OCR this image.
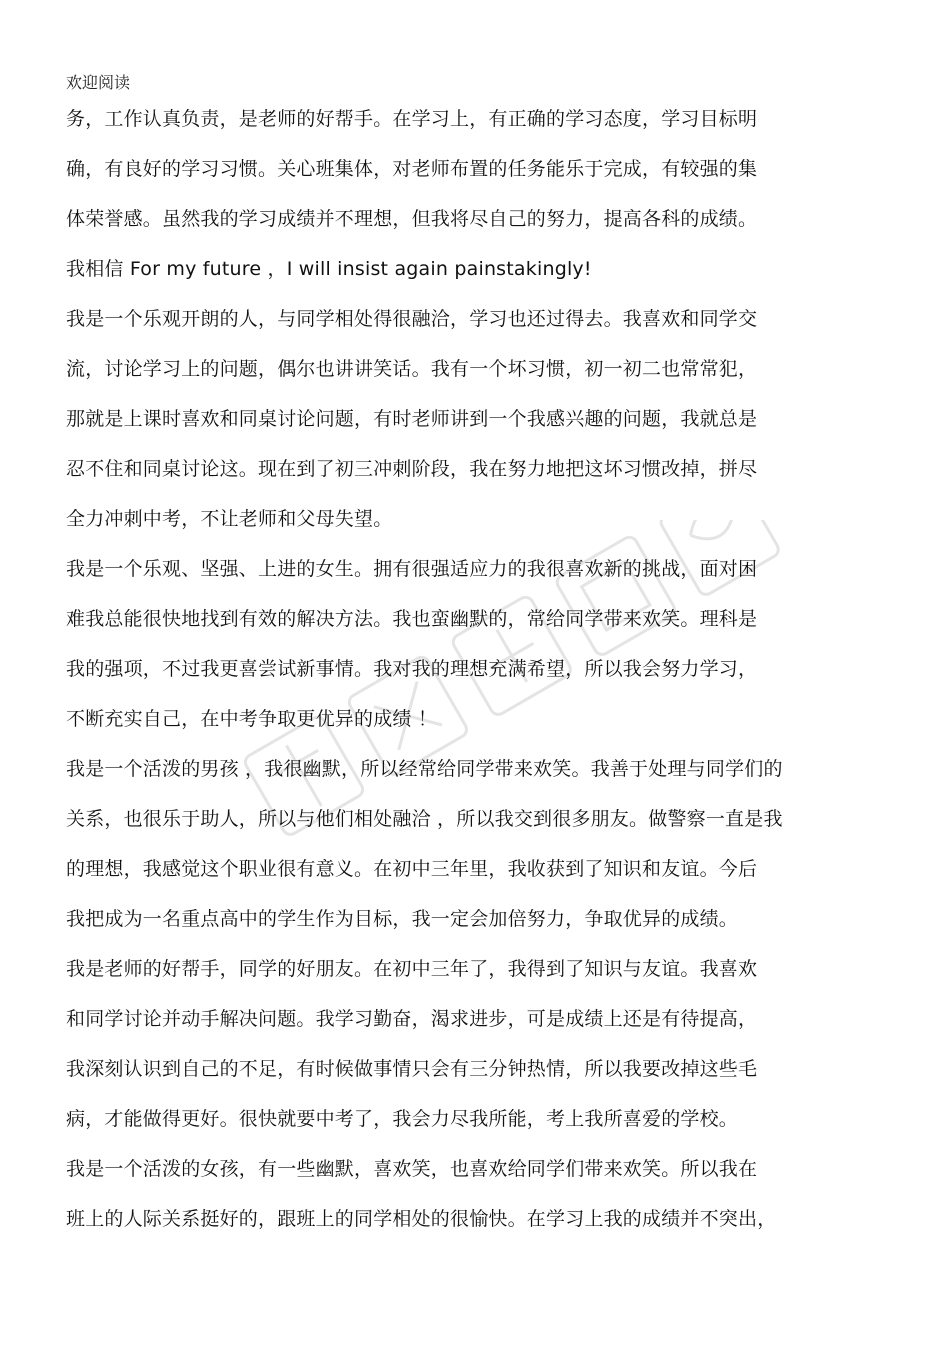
欢迎阅读
务，工作认真负责，是老师的好帮手。在学习上，有正确的学习态度，学习目标明
确，有良好的学习习惯。关心班集体，对老师布置的任务能乐于完成，有较强的集
体荣誉感。虽然我的学习成绩并不理想，但我将尽自己的努力，提高各科的成绩。
我相信 For my future ，I will insist again painstakingly!
我是一个乐观开朗的人，与同学相处得很融洽，学习也还过得去。我喜欢和同学交
流，讨论学习上的问题，偶尔也讲讲笑话。我有一个坏习惯，初一初二也常常犯，
那就是上课时喜欢和同桌讨论问题，有时老师讲到一个我感兴趣的问题，我就总是
忍不住和同桌讨论这。现在到了初三冲刺阶段，我在努力地把这坏习惯改掉，拼尽
全力冲刺中考，不让老师和父母失望。
我是一个乐观、坚强、上进的女生。拥有很强适应力的我很喜欢新的挑战，面对困
难我总能很快地找到有效的解决方法。我也蛮幽默的，常给同学带来欢笑。理科是
我的强项，不过我更喜尝试新事情。我对我的理想充满希望，所以我会努力学习，
不断充实自己，在中考争取更优异的成绩 ！
我是一个活泼的男孩 ，我很幽默，所以经常给同学带来欢笑。我善于处理与同学们的
关系，也很乐于助人，所以与他们相处融洽 ，所以我交到很多朋友。做警察一直是我
的理想，我感觉这个职业很有意义。在初中三年里，我收获到了知识和友谊。今后
我把成为一名重点高中的学生作为目标，我一定会加倍努力，争取优异的成绩。
我是老师的好帮手，同学的好朋友。在初中三年了，我得到了知识与友谊。我喜欢
和同学讨论并动手解决问题。我学习勤奋，渴求进步，可是成绩上还是有待提高，
我深刻认识到自己的不足，有时候做事情只会有三分钟热情，所以我要改掉这些毛
病，才能做得更好。很快就要中考了，我会力尽我所能，考上我所喜爱的学校。
我是一个活泼的女孩，有一些幽默，喜欢笑，也喜欢给同学们带来欢笑。所以我在
班上的人际关系挺好的，跟班上的同学相处的很愉快。在学习上我的成绩并不突出，
